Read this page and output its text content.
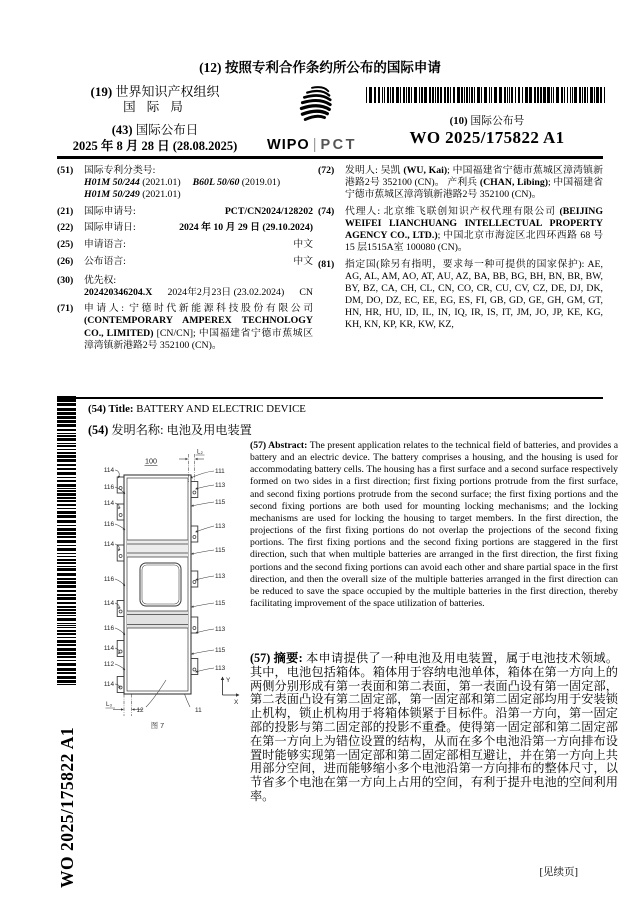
(12) 按照专利合作条约所公布的国际申请
(19) 世界知识产权组织
国 际 局
(43) 国际公布日
2025 年 8 月 28 日 (28.08.2025)	WIPO | PCT
(10) 国际公布号
WO 2025/175822 A1
(51)	国际专利分类号:
H01M 50/244 (2021.01) B60L 50/60 (2019.01)
H01M 50/249 (2021.01)
(21)	国际申请号:	PCT/CN2024/128202
(22)	国际申请日:	2024 年 10 月 29 日 (29.10.2024)
(25)	申请语言:	中文
(26)	公布语言:	中文
(30)	优先权:
202420346204.X 2024年2月23日 (23.02.2024) CN
(71)	申请人: 宁德时代新能源科技股份有限公司 (CONTEMPORARY AMPEREX TECHNOLOGY CO., LIMITED) [CN/CN]; 中国福建省宁德市蕉城区漳湾镇新港路2号 352100 (CN)。
(72)	发明人: 吴凯 (WU, Kai); 中国福建省宁德市蕉城区漳湾镇新港路2号 352100 (CN)。 产利兵 (CHAN, Libing); 中国福建省宁德市蕉城区漳湾镇新港路2号 352100 (CN)。
(74)	代理人: 北京维飞联创知识产权代理有限公司 (BEIJING WEIFEI LIANCHUANG INTELLECTUAL PROPERTY AGENCY CO., LTD.); 中国北京市海淀区北四环西路 68 号 15 层1515A室 100080 (CN)。
(81)	指定国(除另有指明，要求每一种可提供的国家保护): AE, AG, AL, AM, AO, AT, AU, AZ, BA, BB, BG, BH, BN, BR, BW, BY, BZ, CA, CH, CL, CN, CO, CR, CU, CV, CZ, DE, DJ, DK, DM, DO, DZ, EC, EE, EG, ES, FI, GB, GD, GE, GH, GM, GT, HN, HR, HU, ID, IL, IN, IQ, IR, IS, IT, JM, JO, JP, KE, KG, KH, KN, KP, KR, KW, KZ,
(54) Title: BATTERY AND ELECTRIC DEVICE
(54) 发明名称: 电池及用电装置
WO 2025/175822 A1
L₂
L₃
100
114
116
114
116
114
116
114
116
114
112
114
111
113
115
113
115
113
115
113
115
113
12	11
Y
X
图 7
(57) Abstract: The present application relates to the technical field of batteries, and provides a battery and an electric device. The battery comprises a housing, and the housing is used for accommodating battery cells. The housing has a first surface and a second surface respectively formed on two sides in a first direction; first fixing portions protrude from the first surface, and second fixing portions protrude from the second surface; the first fixing portions and the second fixing portions are both used for mounting locking mechanisms; and the locking mechanisms are used for locking the housing to target members. In the first direction, the projections of the first fixing portions do not overlap the projections of the second fixing portions. The first fixing portions and the second fixing portions are staggered in the first direction, such that when multiple batteries are arranged in the first direction, the first fixing portions and the second fixing portions can avoid each other and share partial space in the first direction, and then the overall size of the multiple batteries arranged in the first direction can be reduced to save the space occupied by the multiple batteries in the first direction, thereby facilitating improvement of the space utilization of batteries.
(57) 摘要: 本申请提供了一种电池及用电装置，属于电池技术领域。其中，电池包括箱体。箱体用于容纳电池单体，箱体在第一方向上的两侧分别形成有第一表面和第二表面，第一表面凸设有第一固定部，第二表面凸设有第二固定部，第一固定部和第二固定部均用于安装锁止机构，锁止机构用于将箱体锁紧于目标件。沿第一方向，第一固定部的投影与第二固定部的投影不重叠。使得第一固定部和第二固定部在第一方向上为错位设置的结构，从而在多个电池沿第一方向排布设置时能够实现第一固定部和第二固定部相互避让，并在第一方向上共用部分空间，进而能够缩小多个电池沿第一方向排布的整体尺寸，以节省多个电池在第一方向上占用的空间，有利于提升电池的空间利用率。
[见续页]
